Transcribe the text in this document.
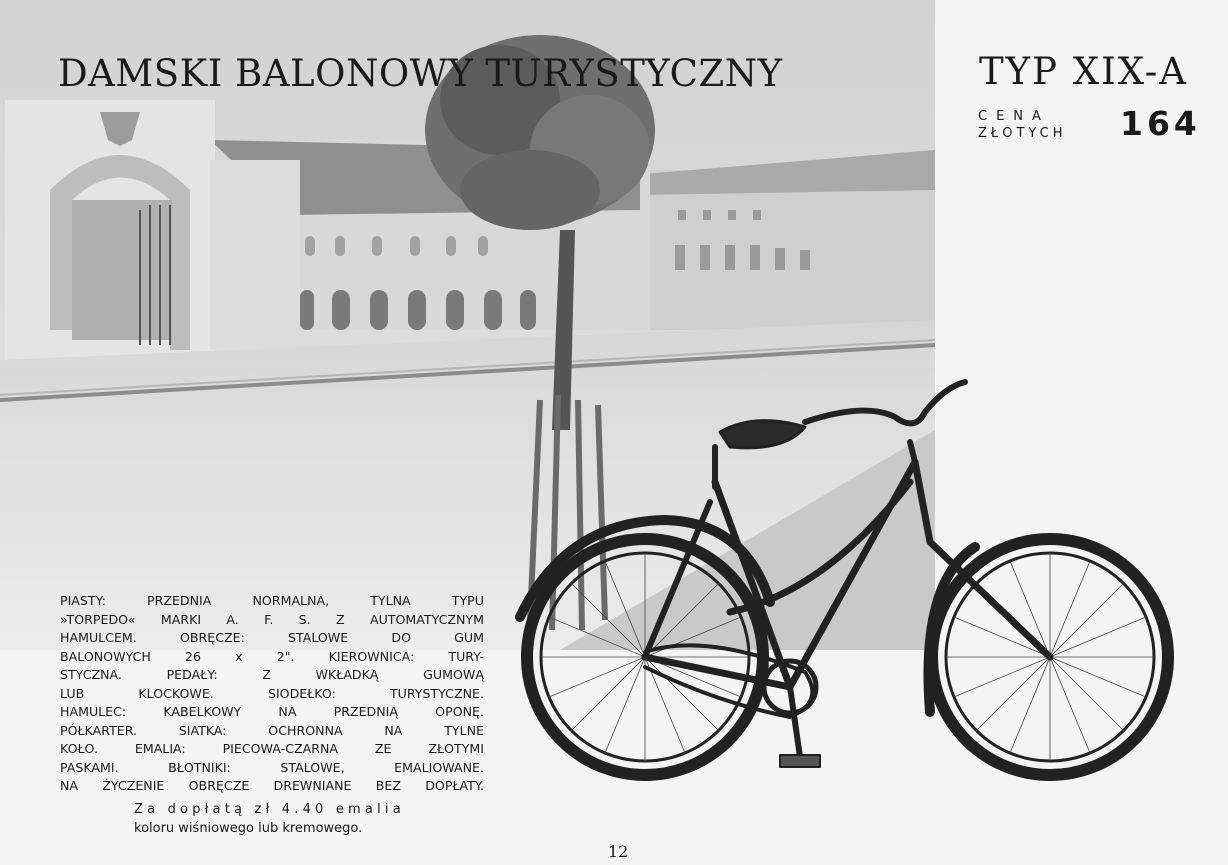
DAMSKI BALONOWY TURYSTYCZNY	TYP XIX-A
CENA
ZŁOTYCH	164
PIASTY: PRZEDNIA NORMALNA, TYLNA TYPU
»TORPEDO« MARKI A. F. S. Z AUTOMATYCZNYM
HAMULCEM. OBRĘCZE: STALOWE DO GUM
BALONOWYCH 26 x 2". KIEROWNICA: TURY-
STYCZNA. PEDAŁY: Z WKŁADKĄ GUMOWĄ
LUB KLOCKOWE. SIODEŁKO: TURYSTYCZNE.
HAMULEC: KABELKOWY NA PRZEDNIĄ OPONĘ.
PÓŁKARTER. SIATKA: OCHRONNA NA TYLNE
KOŁO. EMALIA: PIECOWA-CZARNA ZE ZŁOTYMI
PASKAMI. BŁOTNIKI: STALOWE, EMALIOWANE.
NA ŻYCZENIE OBRĘCZE DREWNIANE BEZ DOPŁATY.
Za dopłatą zł 4.40 emalia
koloru wiśniowego lub kremowego.
12
